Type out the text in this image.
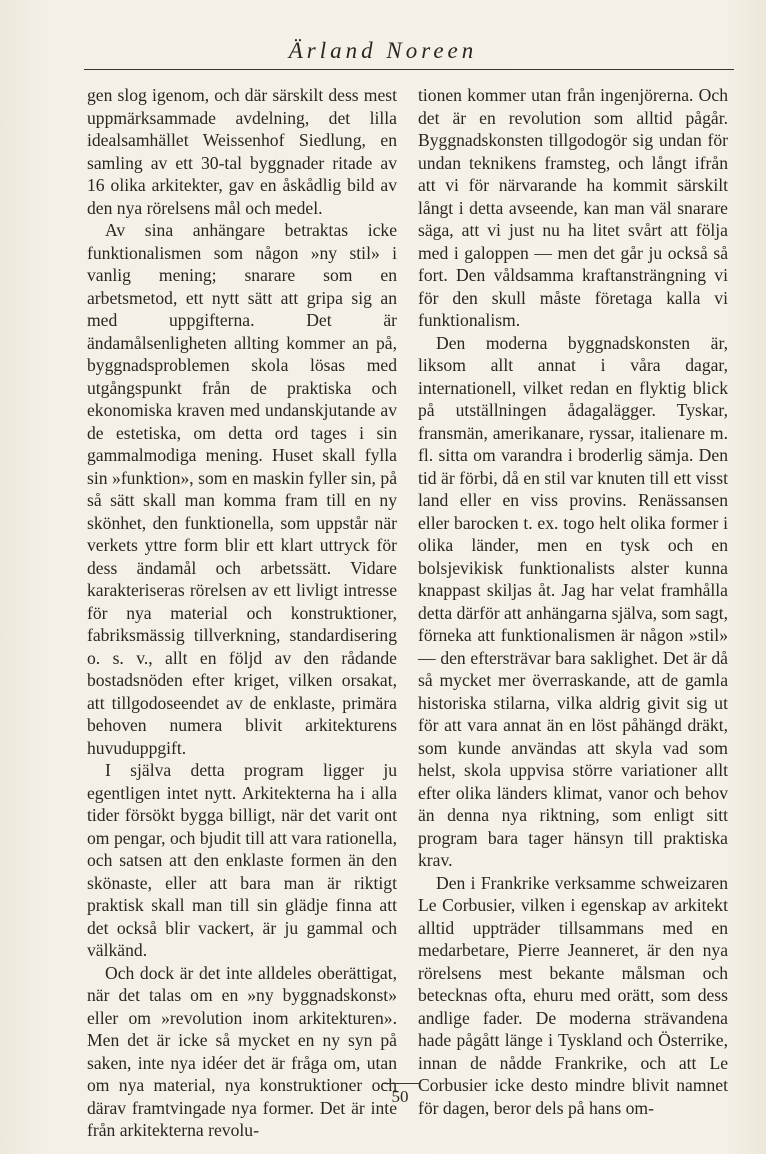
Ärland Noreen

gen slog igenom, och där särskilt dess mest uppmärksammade avdelning, det lilla idealsamhället Weissenhof Siedlung, en samling av ett 30-tal byggnader ritade av 16 olika arkitekter, gav en åskådlig bild av den nya rörelsens mål och medel.

Av sina anhängare betraktas icke funktionalismen som någon »ny stil» i vanlig mening; snarare som en arbetsmetod, ett nytt sätt att gripa sig an med uppgifterna. Det är ändamålsenligheten allting kommer an på, byggnadsproblemen skola lösas med utgångspunkt från de praktiska och ekonomiska kraven med undanskjutande av de estetiska, om detta ord tages i sin gammalmodiga mening. Huset skall fylla sin »funktion», som en maskin fyller sin, på så sätt skall man komma fram till en ny skönhet, den funktionella, som uppstår när verkets yttre form blir ett klart uttryck för dess ändamål och arbetssätt. Vidare karakteriseras rörelsen av ett livligt intresse för nya material och konstruktioner, fabriksmässig tillverkning, standardisering o. s. v., allt en följd av den rådande bostadsnöden efter kriget, vilken orsakat, att tillgodoseendet av de enklaste, primära behoven numera blivit arkitekturens huvuduppgift.

I själva detta program ligger ju egentligen intet nytt. Arkitekterna ha i alla tider försökt bygga billigt, när det varit ont om pengar, och bjudit till att vara rationella, och satsen att den enklaste formen än den skönaste, eller att bara man är riktigt praktisk skall man till sin glädje finna att det också blir vackert, är ju gammal och välkänd.

Och dock är det inte alldeles oberättigat, när det talas om en »ny byggnadskonst» eller om »revolution inom arkitekturen». Men det är icke så mycket en ny syn på saken, inte nya idéer det är fråga om, utan om nya material, nya konstruktioner och därav framtvingade nya former. Det är inte från arkitekterna revolu-

tionen kommer utan från ingenjörerna. Och det är en revolution som alltid pågår. Byggnadskonsten tillgodogör sig undan för undan teknikens framsteg, och långt ifrån att vi för närvarande ha kommit särskilt långt i detta avseende, kan man väl snarare säga, att vi just nu ha litet svårt att följa med i galoppen — men det går ju också så fort. Den våldsamma kraftansträngning vi för den skull måste företaga kalla vi funktionalism.

Den moderna byggnadskonsten är, liksom allt annat i våra dagar, internationell, vilket redan en flyktig blick på utställningen ådagalägger. Tyskar, fransmän, amerikanare, ryssar, italienare m. fl. sitta om varandra i broderlig sämja. Den tid är förbi, då en stil var knuten till ett visst land eller en viss provins. Renässansen eller barocken t. ex. togo helt olika former i olika länder, men en tysk och en bolsjevikisk funktionalists alster kunna knappast skiljas åt. Jag har velat framhålla detta därför att anhängarna själva, som sagt, förneka att funktionalismen är någon »stil» — den eftersträvar bara saklighet. Det är då så mycket mer överraskande, att de gamla historiska stilarna, vilka aldrig givit sig ut för att vara annat än en löst påhängd dräkt, som kunde användas att skyla vad som helst, skola uppvisa större variationer allt efter olika länders klimat, vanor och behov än denna nya riktning, som enligt sitt program bara tager hänsyn till praktiska krav.

Den i Frankrike verksamme schweizaren Le Corbusier, vilken i egenskap av arkitekt alltid uppträder tillsammans med en medarbetare, Pierre Jeanneret, är den nya rörelsens mest bekante målsman och betecknas ofta, ehuru med orätt, som dess andlige fader. De moderna strävandena hade pågått länge i Tyskland och Österrike, innan de nådde Frankrike, och att Le Corbusier icke desto mindre blivit namnet för dagen, beror dels på hans om-

50
